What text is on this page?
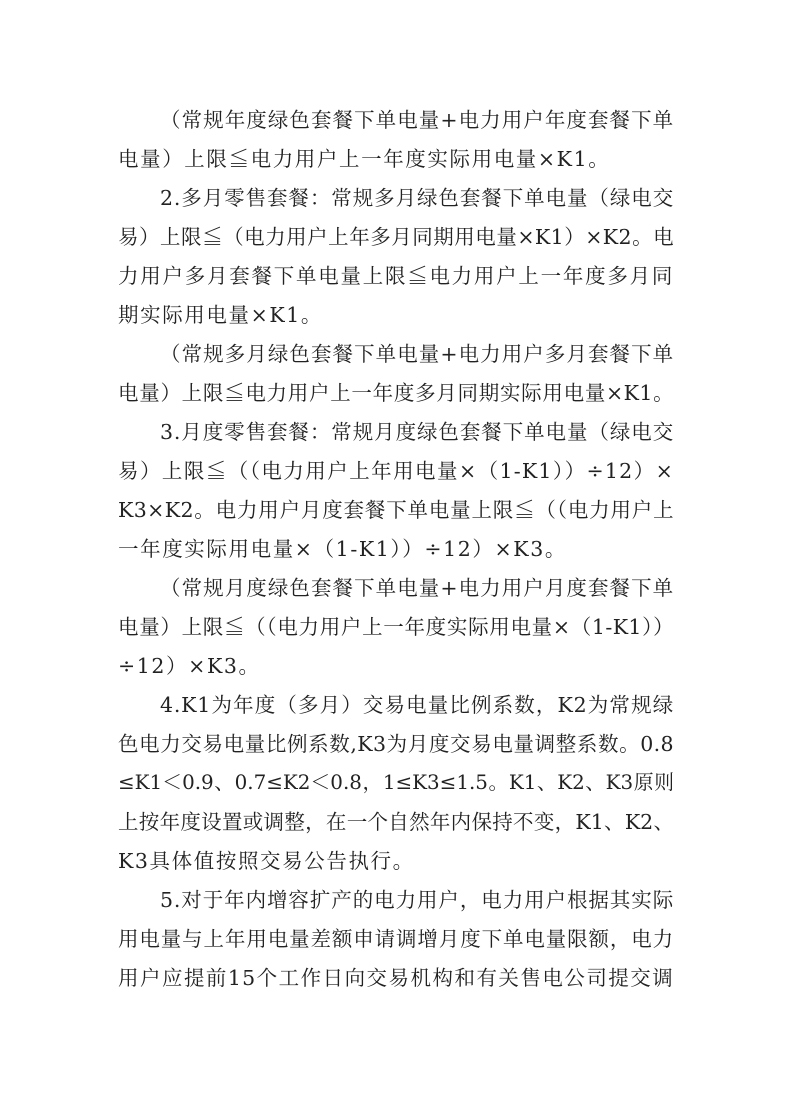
（常规年度绿色套餐下单电量+电力用户年度套餐下单
电量）上限≦电力用户上一年度实际用电量×K1。
2.多月零售套餐：常规多月绿色套餐下单电量（绿电交
易）上限≦（电力用户上年多月同期用电量×K1）×K2。电
力用户多月套餐下单电量上限≦电力用户上一年度多月同
期实际用电量×K1。
（常规多月绿色套餐下单电量+电力用户多月套餐下单
电量）上限≦电力用户上一年度多月同期实际用电量×K1。
3.月度零售套餐：常规月度绿色套餐下单电量（绿电交
易）上限≦（（电力用户上年用电量×（1-K1））÷12）×
K3×K2。电力用户月度套餐下单电量上限≦（（电力用户上
一年度实际用电量×（1-K1））÷12）×K3。
（常规月度绿色套餐下单电量+电力用户月度套餐下单
电量）上限≦（（电力用户上一年度实际用电量×（1-K1））
÷12）×K3。
4.K1为年度（多月）交易电量比例系数，K2为常规绿
色电力交易电量比例系数,K3为月度交易电量调整系数。0.8
≤K1＜0.9、0.7≤K2＜0.8，1≤K3≤1.5。K1、K2、K3原则
上按年度设置或调整，在一个自然年内保持不变，K1、K2、
K3具体值按照交易公告执行。
5.对于年内增容扩产的电力用户，电力用户根据其实际
用电量与上年用电量差额申请调增月度下单电量限额，电力
用户应提前15个工作日向交易机构和有关售电公司提交调
